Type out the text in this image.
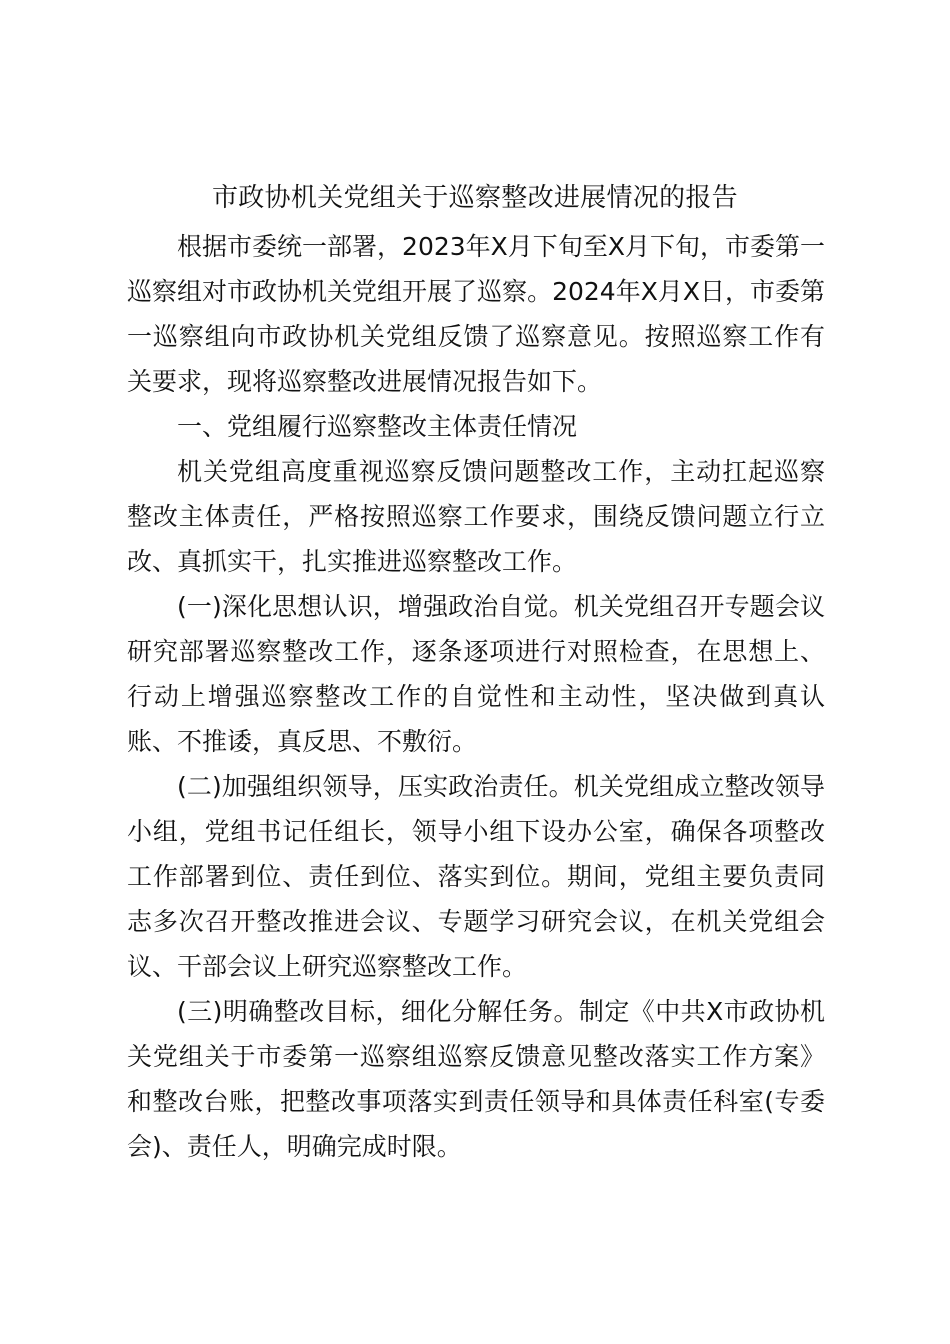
市政协机关党组关于巡察整改进展情况的报告

根据市委统一部署，2023年X月下旬至X月下旬，市委第一巡察组对市政协机关党组开展了巡察。2024年X月X日，市委第一巡察组向市政协机关党组反馈了巡察意见。按照巡察工作有关要求，现将巡察整改进展情况报告如下。

一、党组履行巡察整改主体责任情况

机关党组高度重视巡察反馈问题整改工作，主动扛起巡察整改主体责任，严格按照巡察工作要求，围绕反馈问题立行立改、真抓实干，扎实推进巡察整改工作。

(一)深化思想认识，增强政治自觉。机关党组召开专题会议研究部署巡察整改工作，逐条逐项进行对照检查，在思想上、行动上增强巡察整改工作的自觉性和主动性，坚决做到真认账、不推诿，真反思、不敷衍。

(二)加强组织领导，压实政治责任。机关党组成立整改领导小组，党组书记任组长，领导小组下设办公室，确保各项整改工作部署到位、责任到位、落实到位。期间，党组主要负责同志多次召开整改推进会议、专题学习研究会议，在机关党组会议、干部会议上研究巡察整改工作。

(三)明确整改目标，细化分解任务。制定《中共X市政协机关党组关于市委第一巡察组巡察反馈意见整改落实工作方案》和整改台账，把整改事项落实到责任领导和具体责任科室(专委会)、责任人，明确完成时限。
